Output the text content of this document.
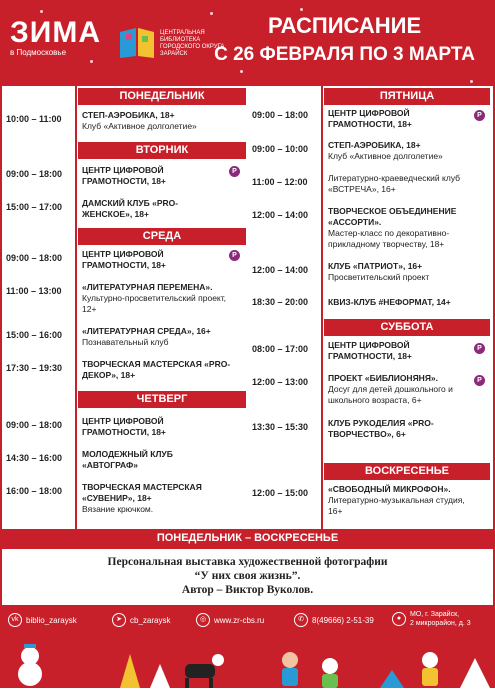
ЗИМА
в Подмосковье
ЦЕНТРАЛЬНАЯ БИБЛИОТЕКА ГОРОДСКОГО ОКРУГА ЗАРАЙСК
РАСПИСАНИЕ
С 26 ФЕВРАЛЯ ПО 3 МАРТА
ПОНЕДЕЛЬНИК
10:00 – 11:00 СТЕП-АЭРОБИКА, 18+
Клуб «Активное долголетие»
ВТОРНИК
09:00 – 18:00 ЦЕНТР ЦИФРОВОЙ ГРАМОТНОСТИ, 18+
Р
15:00 – 17:00 ДАМСКИЙ КЛУБ «PRO-ЖЕНСКОЕ», 18+
СРЕДА
09:00 – 18:00 ЦЕНТР ЦИФРОВОЙ ГРАМОТНОСТИ, 18+
Р
11:00 – 13:00 «ЛИТЕРАТУРНАЯ ПЕРЕМЕНА».
Культурно-просветительский проект, 12+
15:00 – 16:00 «ЛИТЕРАТУРНАЯ СРЕДА», 16+
Познавательный клуб
17:30 – 19:30 ТВОРЧЕСКАЯ МАСТЕРСКАЯ «PRO-ДЕКОР», 18+
ЧЕТВЕРГ
09:00 – 18:00 ЦЕНТР ЦИФРОВОЙ ГРАМОТНОСТИ, 18+
14:30 – 16:00 МОЛОДЕЖНЫЙ КЛУБ «АВТОГРАФ»
16:00 – 18:00 ТВОРЧЕСКАЯ МАСТЕРСКАЯ «СУВЕНИР», 18+
Вязание крючком.
ПЯТНИЦА
09:00 – 18:00 ЦЕНТР ЦИФРОВОЙ ГРАМОТНОСТИ, 18+
Р
09:00 – 10:00 СТЕП-АЭРОБИКА, 18+
Клуб «Активное долголетие»
11:00 – 12:00 Литературно-краеведческий клуб «ВСТРЕЧА», 16+
12:00 – 14:00 ТВОРЧЕСКОЕ ОБЪЕДИНЕНИЕ «АССОРТИ».
Мастер-класс по декоративно-прикладному творчеству, 18+
12:00 – 14:00 КЛУБ «ПАТРИОТ», 16+
Просветительский проект
18:30 – 20:00 КВИЗ-КЛУБ #НЕФОРМАТ, 14+
СУББОТА
08:00 – 17:00 ЦЕНТР ЦИФРОВОЙ ГРАМОТНОСТИ, 18+
Р
12:00 – 13:00 ПРОЕКТ «БИБЛИОНЯНЯ».
Досуг для детей дошкольного и школьного возраста, 6+
Р
13:30 – 15:30 КЛУБ РУКОДЕЛИЯ «PRO-ТВОРЧЕСТВО», 6+
ВОСКРЕСЕНЬЕ
12:00 – 15:00 «СВОБОДНЫЙ МИКРОФОН».
Литературно-музыкальная студия, 16+
ПОНЕДЕЛЬНИК – ВОСКРЕСЕНЬЕ
Персональная выставка художественной фотографии
“У них своя жизнь”.
Автор – Виктор Вуколов.
vk biblio_zaraysk	➤	cb_zaraysk	◎ www.zr-cbs.ru	✆	8(49666) 2-51-39	●
МО, г. Зарайск,
2 микрорайон, д. 3
